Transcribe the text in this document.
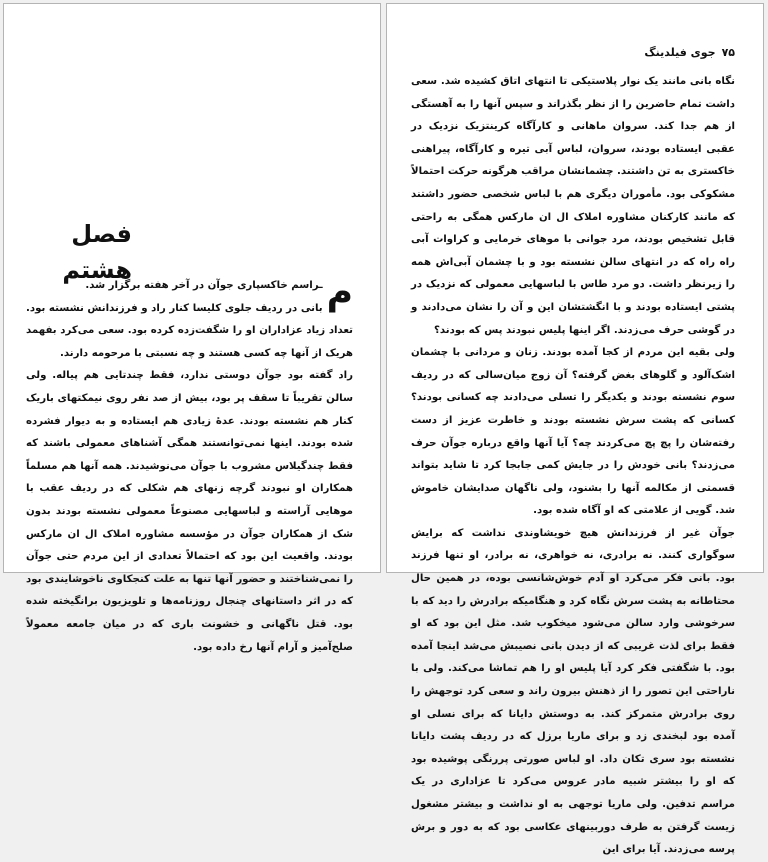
فصل
هشتم

م
ـراسم خاکسپاری جوآن در آخر هفته برگزار شد.

بانی در ردیف جلوی کلیسا کنار راد و فرزندانش نشسته بود. تعداد زیاد عزاداران او را شگفت‌زده کرده بود. سعی می‌کرد بفهمد هریک از آنها چه کسی هستند و چه نسبتی با مرحومه دارند.

راد گفته بود جوآن دوستی ندارد، فقط چندتایی هم پیاله. ولی سالن تقریباً تا سقف پر بود، بیش از صد نفر روی نیمکتهای باریک کنار هم نشسته بودند. عدهٔ زیادی هم ایستاده و به دیوار فشرده شده بودند. اینها نمی‌توانستند همگی آشناهای معمولی باشند که فقط چندگیلاس مشروب با جوآن می‌نوشیدند. همه آنها هم مسلماً همکاران او نبودند گرچه زنهای هم شکلی که در ردیف عقب با موهایی آراسته و لباسهایی مصنوعاً معمولی نشسته بودند بدون شک از همکاران جوآن در مؤسسه مشاوره املاک ال ان مارکس بودند. واقعیت این بود که احتمالاً تعدادی از این مردم حتی جوآن را نمی‌شناختند و حضور آنها تنها به علت کنجکاوی ناخوشایندی بود که در اثر داستانهای چنجال روزنامه‌ها و تلویزیون برانگیخته شده بود. قتل ناگهانی و خشونت باری که در میان جامعه معمولاً صلح‌آمیز و آرام آنها رخ داده بود.

۷۵
جوی فیلدینگ

نگاه بانی مانند یک نوار پلاستیکی تا انتهای اتاق کشیده شد. سعی داشت تمام حاضرین را از نظر بگذراند و سپس آنها را به آهستگی از هم جدا کند. سروان ماهانی و کارآگاه کرینتزیک نزدیک در عقبی ایستاده بودند، سروان، لباس آبی تیره و کارآگاه، پیراهنی خاکستری به تن داشتند. چشمانشان مراقب هرگونه حرکت احتمالاً مشکوکی بود. مأموران دیگری هم با لباس شخصی حضور داشتند که مانند کارکنان مشاوره املاک ال ان مارکس همگی به راحتی قابل تشخیص بودند، مرد جوانی با موهای خرمایی و کراوات آبی راه راه که در انتهای سالن نشسته بود و با چشمان آبی‌اش همه را زیرنظر داشت. دو مرد طاس با لباسهایی معمولی که نزدیک در پشتی ایستاده بودند و با انگشتشان این و آن را نشان می‌دادند و در گوشی حرف می‌زدند. اگر اینها پلیس نبودند پس که بودند؟

ولی بقیه این مردم از کجا آمده بودند. زنان و مردانی با چشمان اشک‌آلود و گلوهای بغض گرفته؟ آن زوج میان‌سالی که در ردیف سوم نشسته بودند و یکدیگر را تسلی می‌دادند چه کسانی بودند؟ کسانی که پشت سرش نشسته بودند و خاطرت عزیز از دست رفته‌شان را پچ پچ می‌کردند چه؟ آیا آنها واقع درباره جوآن حرف می‌زدند؟ بانی خودش را در جایش کمی جابجا کرد تا شاید بتواند قسمتی از مکالمه آنها را بشنود، ولی ناگهان صدایشان خاموش شد. گویی از علامتی که او آگاه شده بود.

جوآن غیر از فرزندانش هیچ خویشاوندی نداشت که برایش سوگواری کنند. نه برادری، نه خواهری، نه برادر، او تنها فرزند بود. بانی فکر می‌کرد او آدم خوش‌شانسی بوده، در همین حال محتاطانه به پشت سرش نگاه کرد و هنگامیکه برادرش را دید که با سرخوشی وارد سالن می‌شود میخکوب شد. مثل این بود که او فقط برای لذت غریبی که از دیدن بانی نصیبش می‌شد اینجا آمده بود. با شگفتی فکر کرد آیا پلیس او را هم تماشا می‌کند. ولی با ناراحتی این تصور را از ذهنش بیرون راند و سعی کرد توجهش را روی برادرش متمرکز کند. به دوستش دایانا که برای نسلی او آمده بود لبخندی زد و برای ماریا برزل که در ردیف پشت دایانا نشسته بود سری تکان داد. او لباس صورتی پررنگی پوشیده بود که او را بیشتر شبیه مادر عروس می‌کرد تا عزاداری در یک مراسم تدفین. ولی ماریا توجهی به او نداشت و بیشتر مشغول زیست گرفتن به طرف دوربینهای عکاسی بود که به دور و برش پرسه می‌زدند. آیا برای این
